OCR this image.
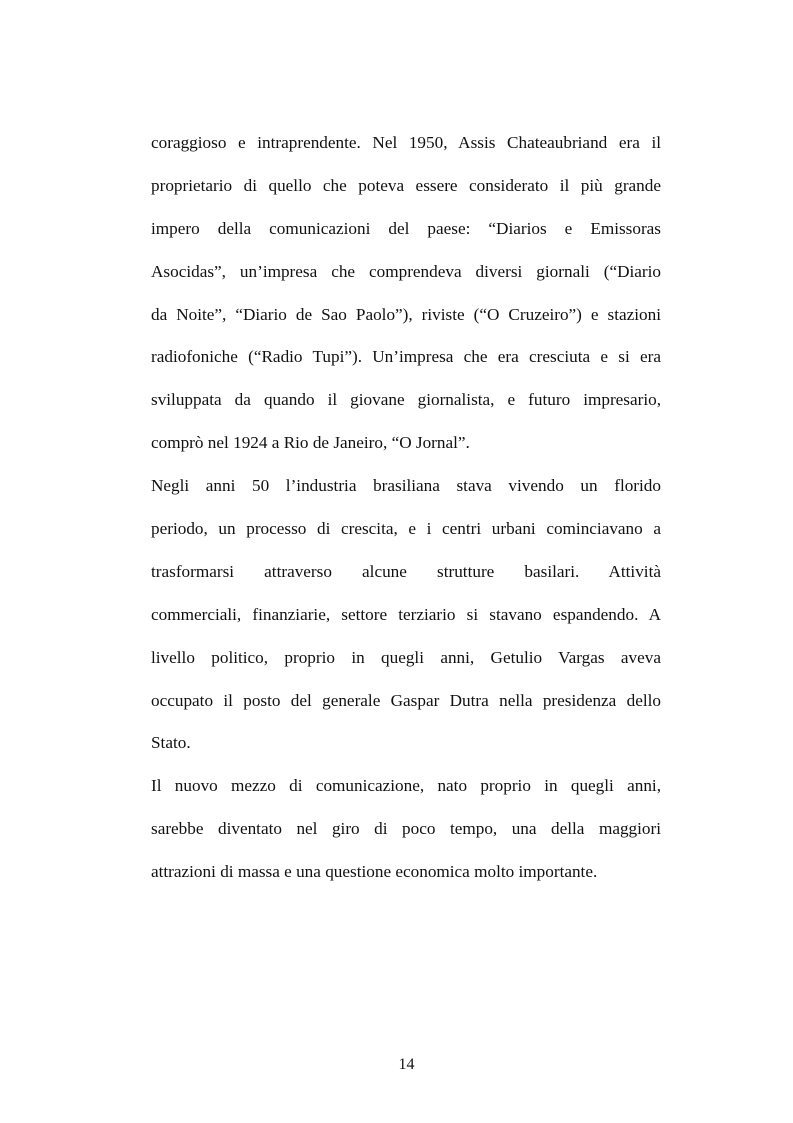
coraggioso e intraprendente. Nel 1950, Assis Chateaubriand era il
proprietario di quello che poteva essere considerato il più grande
impero della comunicazioni del paese: “Diarios e Emissoras
Asocidas”, un’impresa che comprendeva diversi giornali (“Diario
da Noite”, “Diario de Sao Paolo”), riviste (“O Cruzeiro”) e stazioni
radiofoniche (“Radio Tupi”). Un’impresa che era cresciuta e si era
sviluppata da quando il giovane giornalista, e futuro impresario,
comprò nel 1924 a Rio de Janeiro, “O Jornal”.
Negli anni 50 l’industria brasiliana stava vivendo un florido
periodo, un processo di crescita, e i centri urbani cominciavano a
trasformarsi attraverso alcune strutture basilari. Attività
commerciali, finanziarie, settore terziario si stavano espandendo. A
livello politico, proprio in quegli anni, Getulio Vargas aveva
occupato il posto del generale Gaspar Dutra nella presidenza dello
Stato.
Il nuovo mezzo di comunicazione, nato proprio in quegli anni,
sarebbe diventato nel giro di poco tempo, una della maggiori
attrazioni di massa e una questione economica molto importante.
14
